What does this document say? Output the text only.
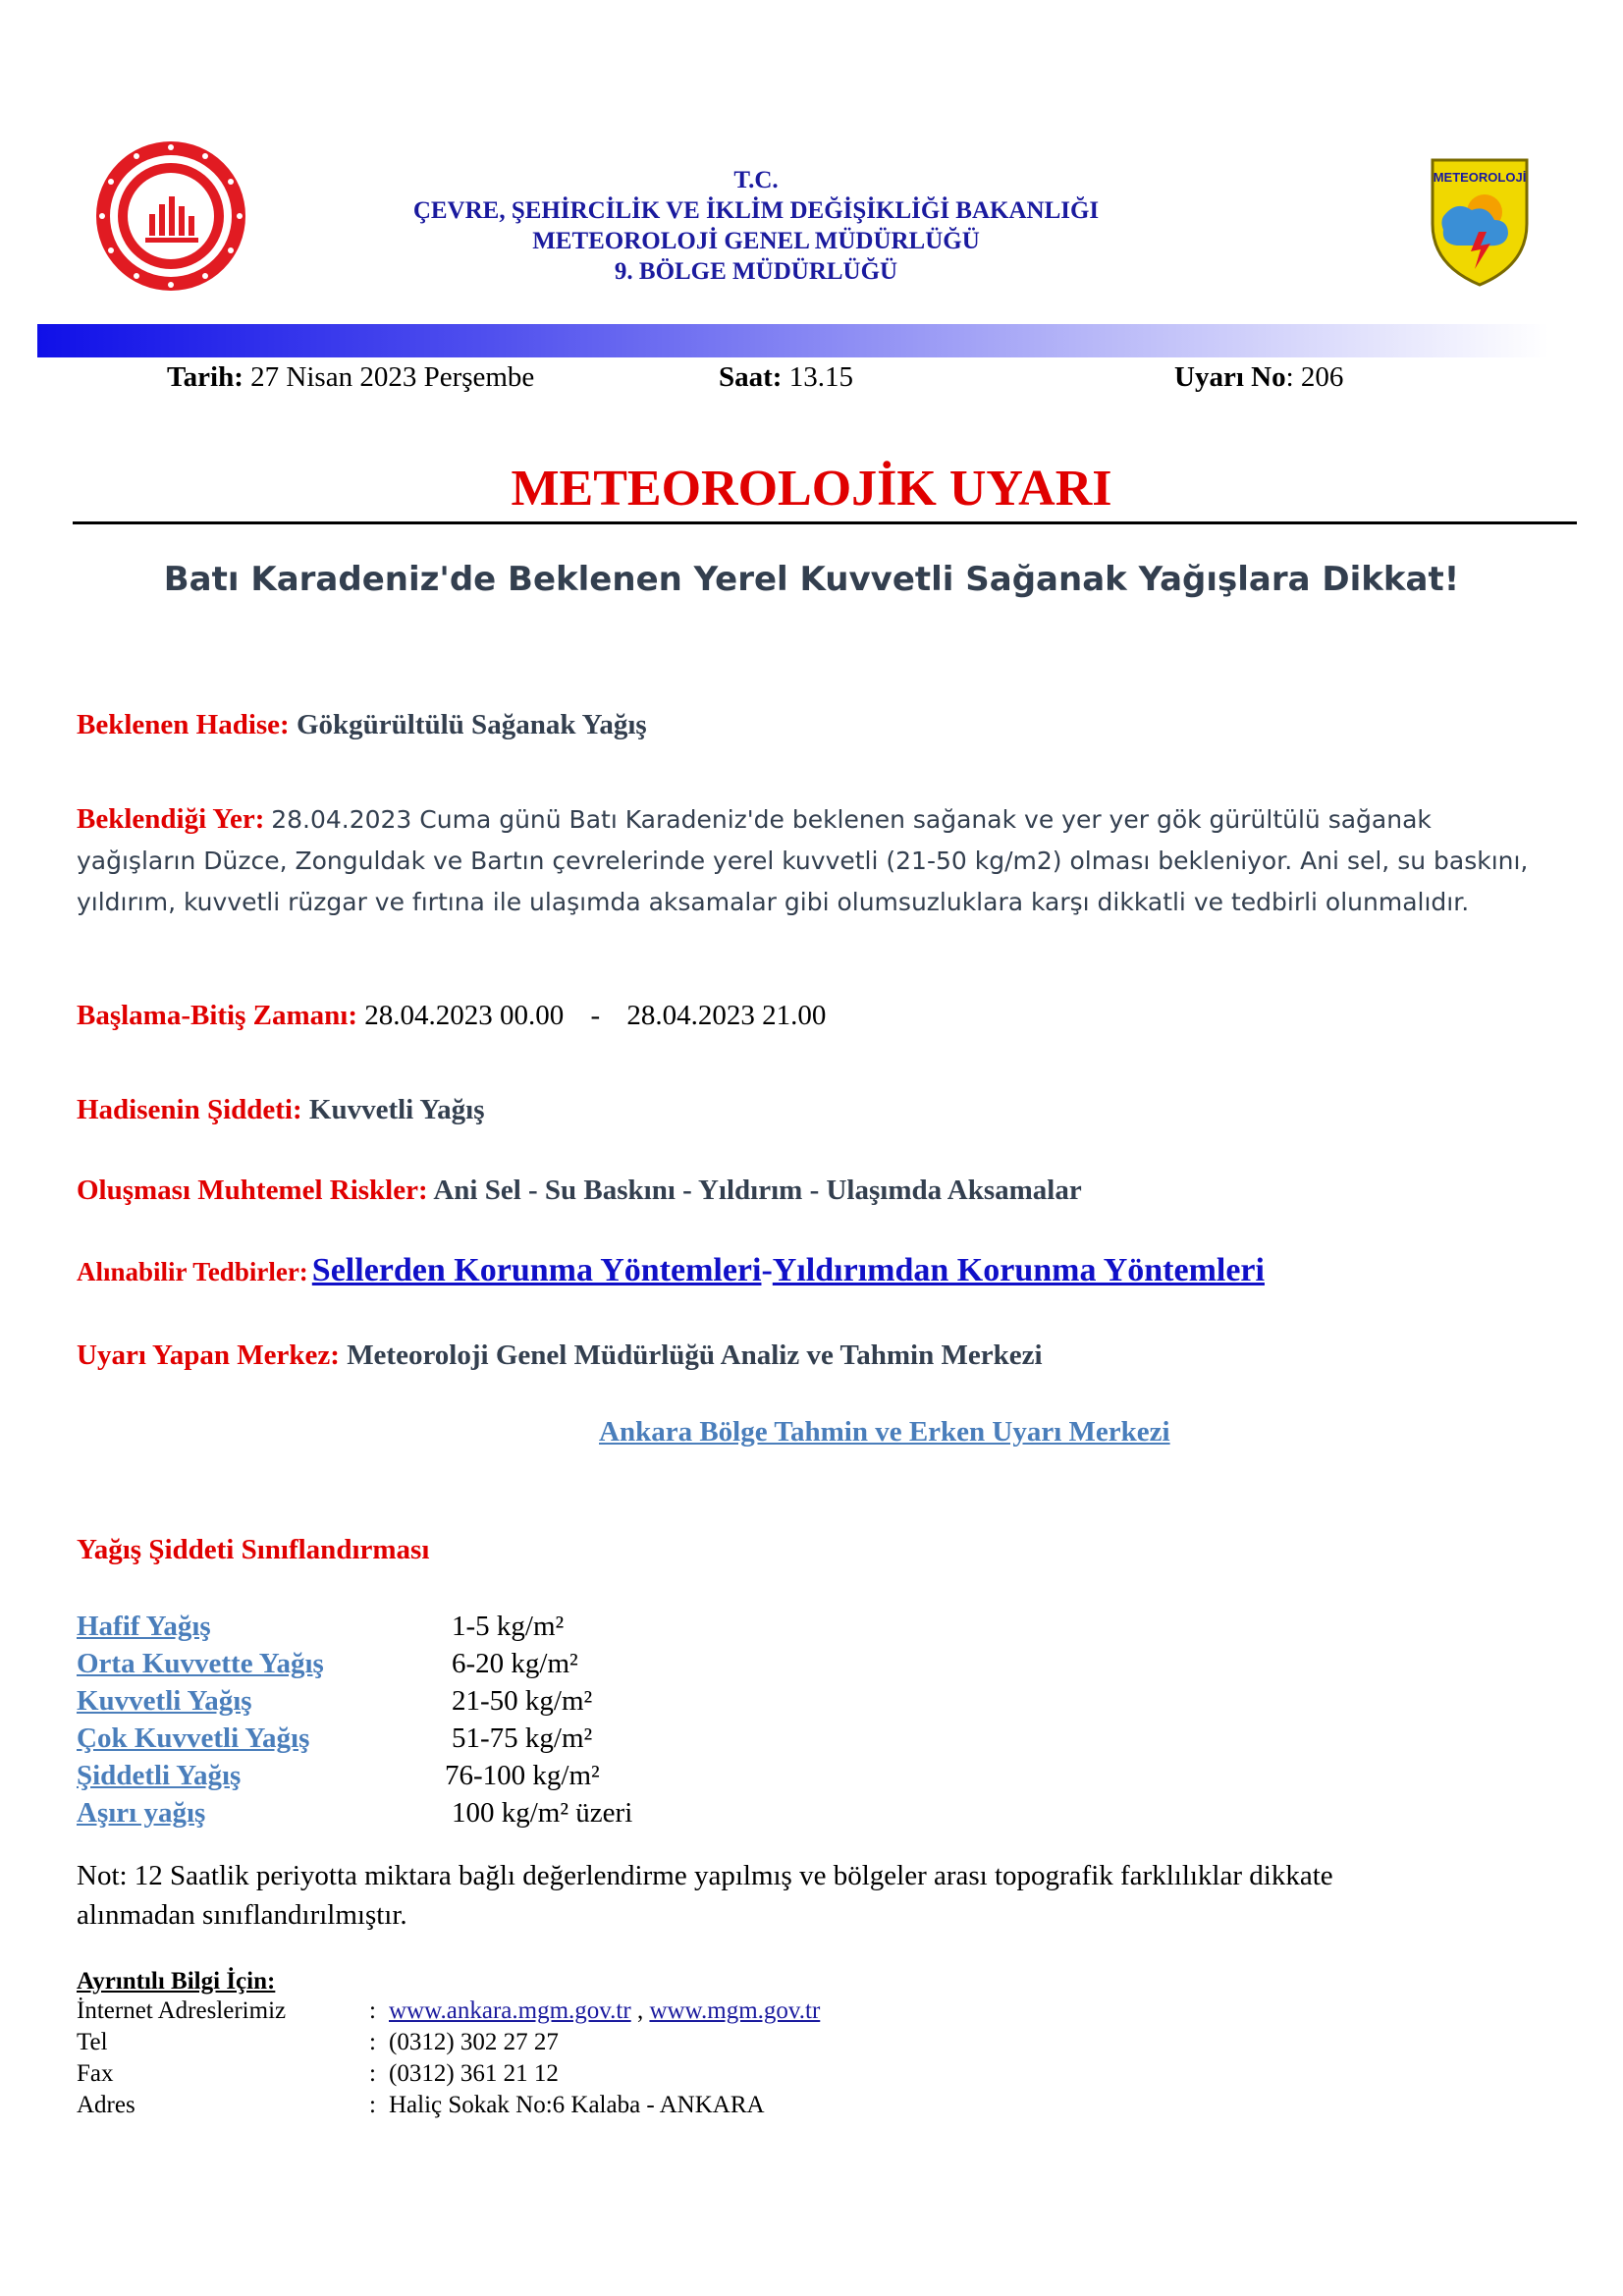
T.C.
ÇEVRE, ŞEHİRCİLİK VE İKLİM DEĞİŞİKLİĞİ BAKANLIĞI
METEOROLOJİ GENEL MÜDÜRLÜĞÜ
9. BÖLGE MÜDÜRLÜĞÜ
METEOROLOJİ
Tarih: 27 Nisan 2023 Perşembe	Saat: 13.15	Uyarı No: 206
METEOROLOJİK UYARI
Batı Karadeniz'de Beklenen Yerel Kuvvetli Sağanak Yağışlara Dikkat!
Beklenen Hadise: Gökgürültülü Sağanak Yağış
Beklendiği Yer: 28.04.2023 Cuma günü Batı Karadeniz'de beklenen sağanak ve yer yer gök gürültülü sağanak
yağışların Düzce, Zonguldak ve Bartın çevrelerinde yerel kuvvetli (21-50 kg/m2) olması bekleniyor. Ani sel, su baskını,
yıldırım, kuvvetli rüzgar ve fırtına ile ulaşımda aksamalar gibi olumsuzluklara karşı dikkatli ve tedbirli olunmalıdır.
Başlama-Bitiş Zamanı: 28.04.2023 00.00 - 28.04.2023 21.00
Hadisenin Şiddeti: Kuvvetli Yağış
Oluşması Muhtemel Riskler: Ani Sel - Su Baskını - Yıldırım - Ulaşımda Aksamalar
Alınabilir Tedbirler: Sellerden Korunma Yöntemleri-Yıldırımdan Korunma Yöntemleri
Uyarı Yapan Merkez: Meteoroloji Genel Müdürlüğü Analiz ve Tahmin Merkezi
Ankara Bölge Tahmin ve Erken Uyarı Merkezi
Yağış Şiddeti Sınıflandırması
Hafif Yağış	1-5 kg/m²
Orta Kuvvette Yağış	6-20 kg/m²
Kuvvetli Yağış	21-50 kg/m²
Çok Kuvvetli Yağış	51-75 kg/m²
Şiddetli Yağış	76-100 kg/m²
Aşırı yağış	100 kg/m² üzeri
Not: 12 Saatlik periyotta miktara bağlı değerlendirme yapılmış ve bölgeler arası topografik farklılıklar dikkate
alınmadan sınıflandırılmıştır.
Ayrıntılı Bilgi İçin:
İnternet Adreslerimiz	: www.ankara.mgm.gov.tr , www.mgm.gov.tr
Tel	: (0312) 302 27 27
Fax	: (0312) 361 21 12
Adres	: Haliç Sokak No:6 Kalaba - ANKARA
